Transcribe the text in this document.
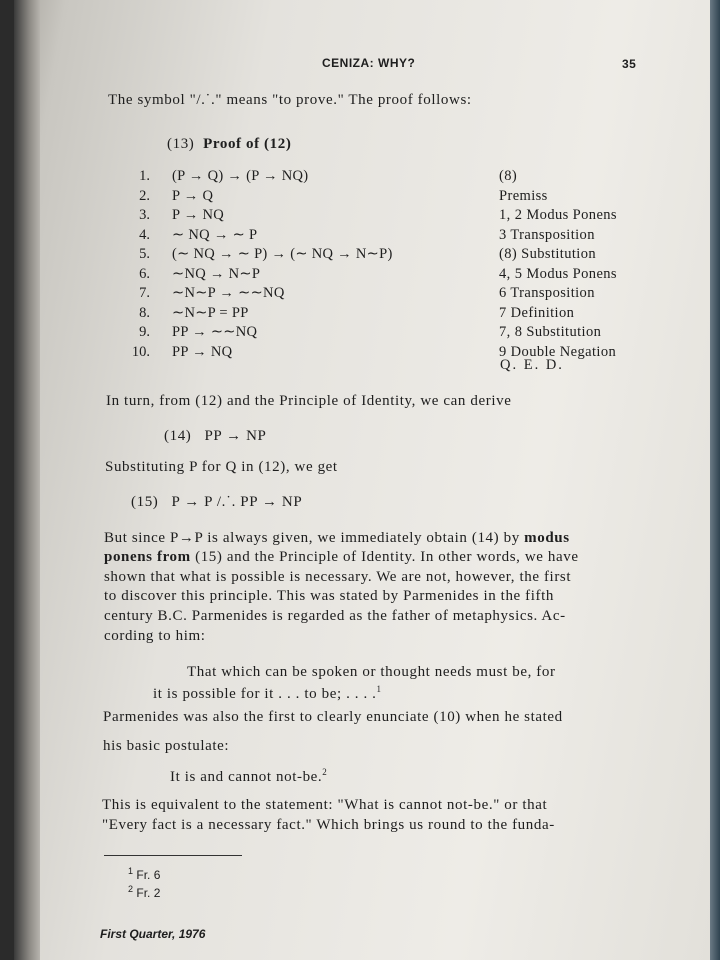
CENIZA: WHY?	35
The symbol "/.˙." means "to prove." The proof follows:
(13) Proof of (12)
1. (P → Q) → (P → NQ)	(8)
2. P → Q	Premiss
3. P → NQ	1, 2 Modus Ponens
4. ∼ NQ → ∼ P	3 Transposition
5. (∼ NQ → ∼ P) → (∼ NQ → N∼P)	(8) Substitution
6. ∼NQ → N∼P	4, 5 Modus Ponens
7. ∼N∼P → ∼∼NQ	6 Transposition
8. ∼N∼P = PP	7 Definition
9. PP → ∼∼NQ	7, 8 Substitution
10. PP → NQ	9 Double Negation
Q. E. D.
In turn, from (12) and the Principle of Identity, we can derive
(14) PP → NP
Substituting P for Q in (12), we get
(15) P → P /.˙. PP → NP
But since P→P is always given, we immediately obtain (14) by modus
ponens from (15) and the Principle of Identity. In other words, we have
shown that what is possible is necessary. We are not, however, the first
to discover this principle. This was stated by Parmenides in the fifth
century B.C. Parmenides is regarded as the father of metaphysics. Ac-
cording to him:
That which can be spoken or thought needs must be, for
it is possible for it . . . to be; . . . .$^1$
Parmenides was also the first to clearly enunciate (10) when he stated
his basic postulate:
It is and cannot not-be.$^2$
This is equivalent to the statement: "What is cannot not-be." or that
"Every fact is a necessary fact." Which brings us round to the funda-
$^1$ Fr. 6
$^2$ Fr. 2
First Quarter, 1976
